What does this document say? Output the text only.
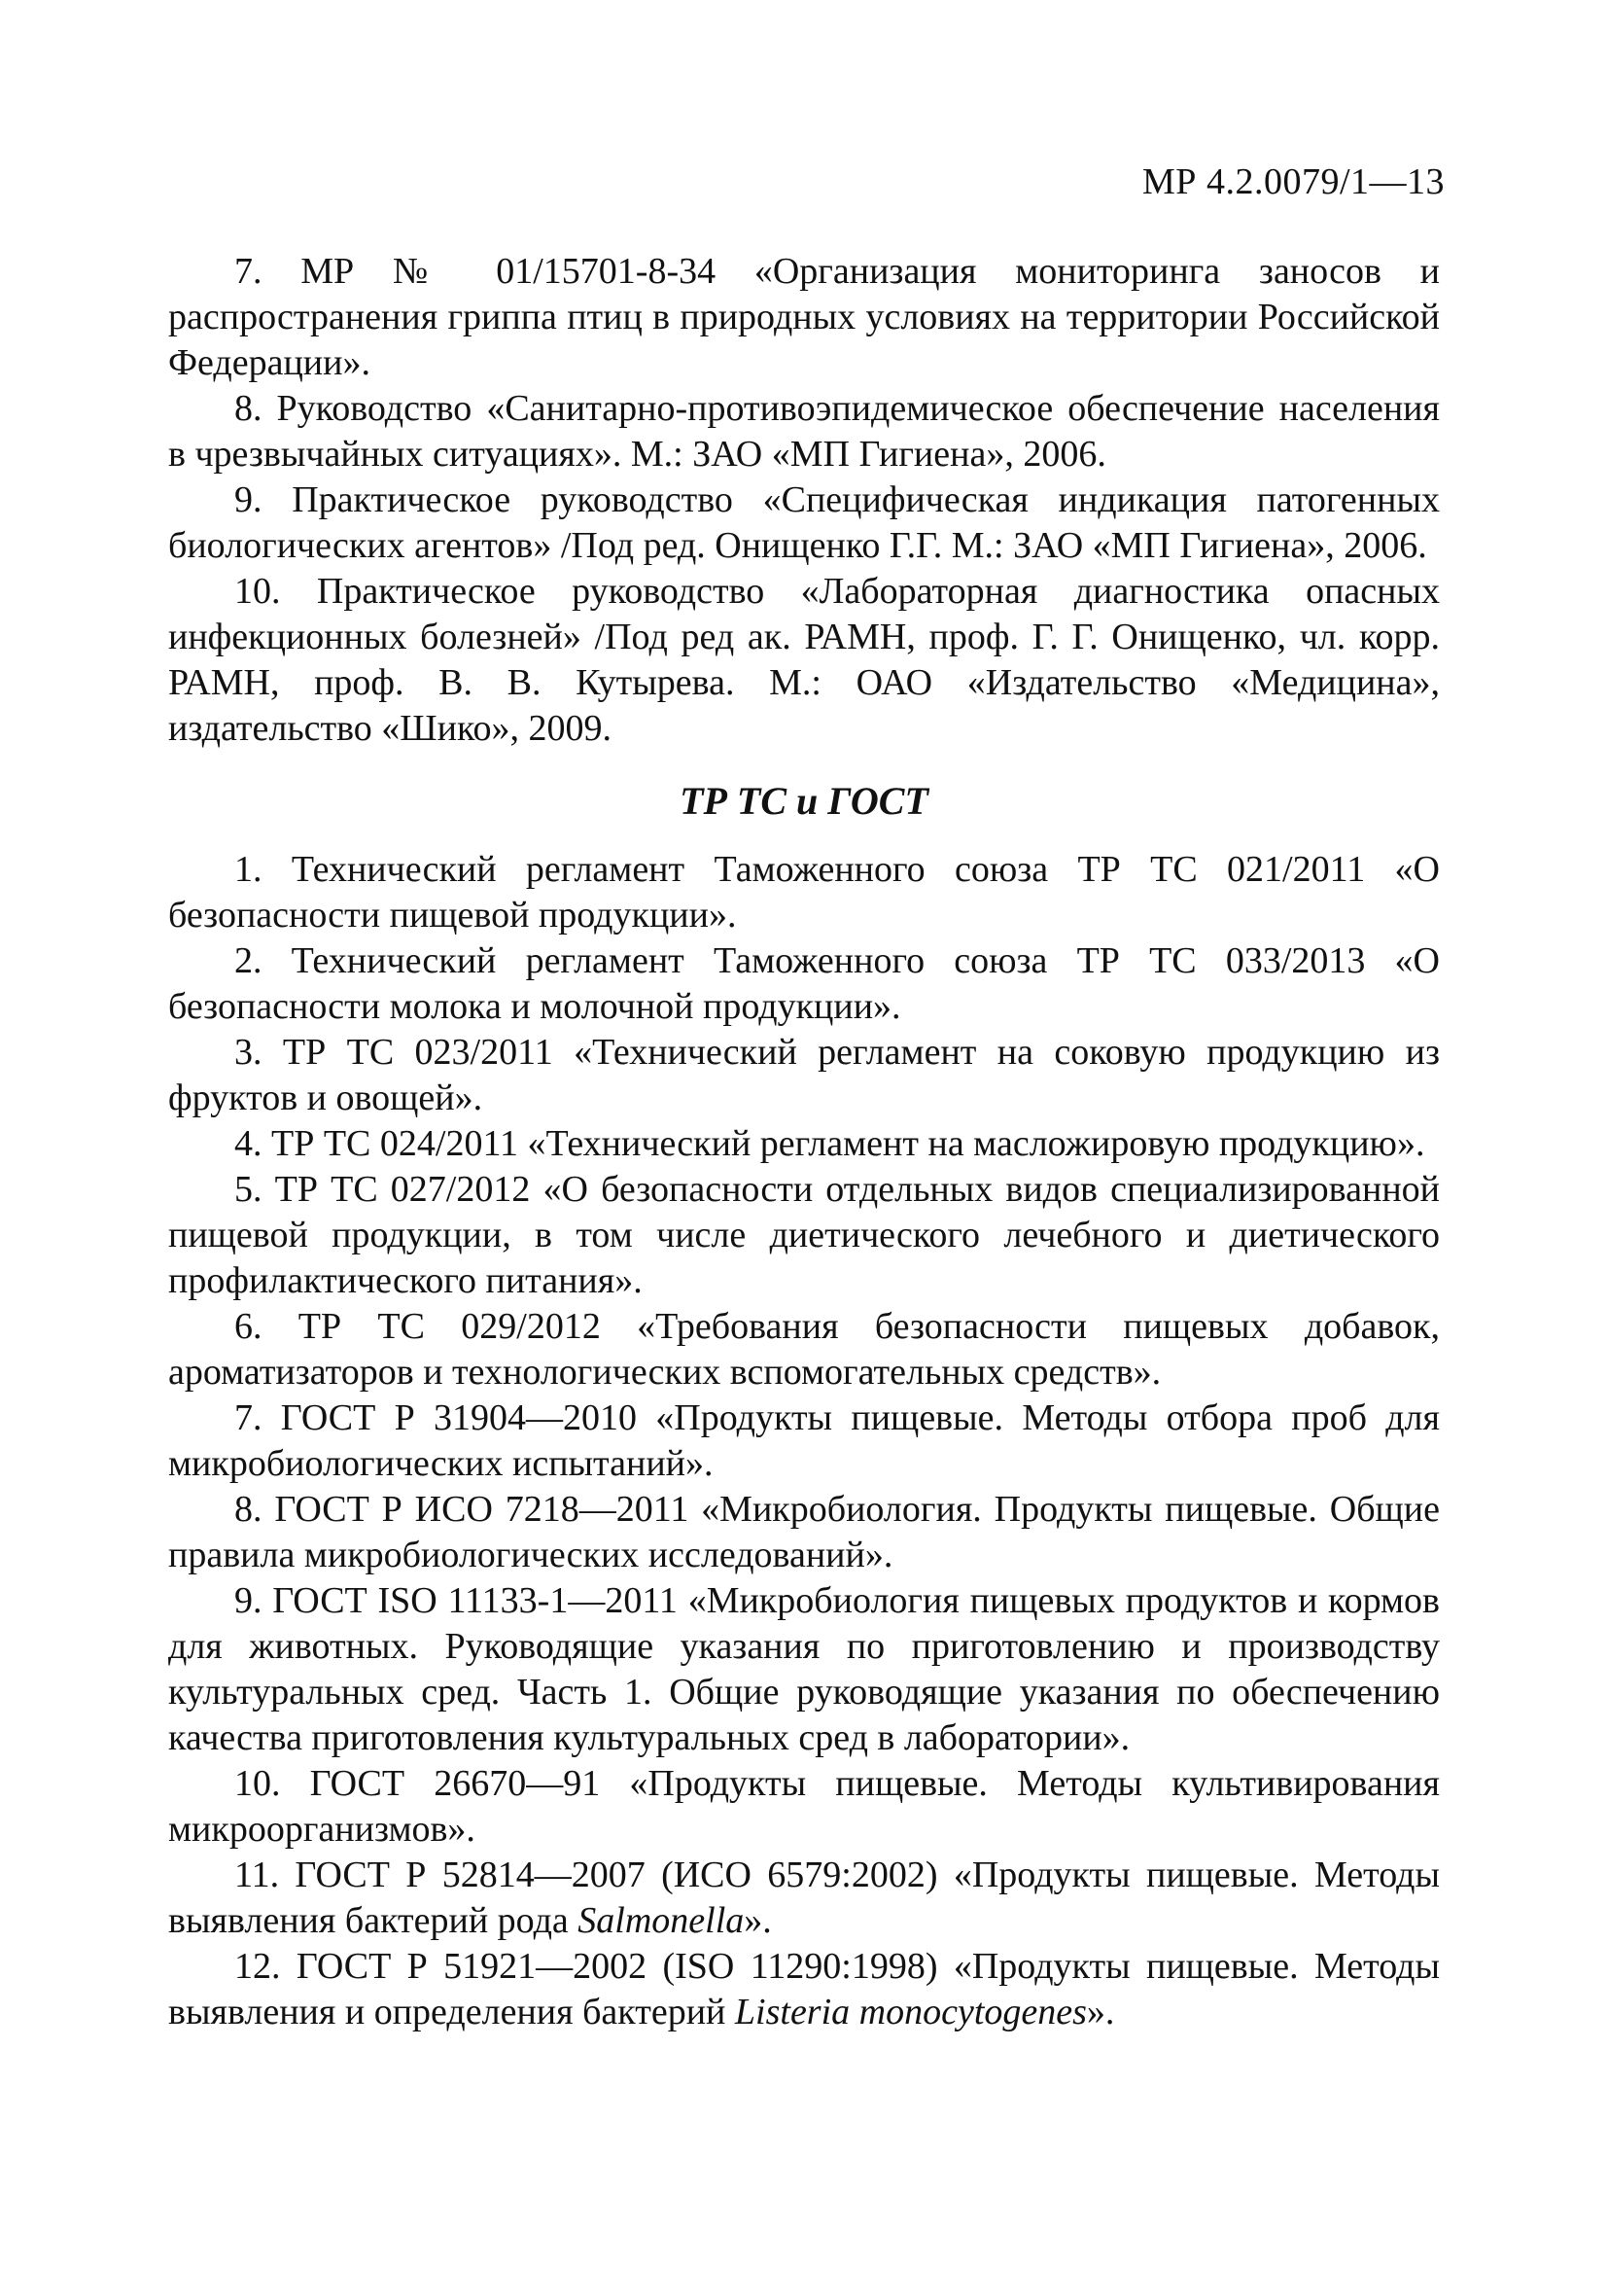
МР 4.2.0079/1—13

7. МР № 01/15701-8-34 «Организация мониторинга заносов и распространения гриппа птиц в природных условиях на территории Российской Федерации».

8. Руководство «Санитарно-противоэпидемическое обеспечение населения в чрезвычайных ситуациях». М.: ЗАО «МП Гигиена», 2006.

9. Практическое руководство «Специфическая индикация патогенных биологических агентов» /Под ред. Онищенко Г.Г. М.: ЗАО «МП Гигиена», 2006.

10. Практическое руководство «Лабораторная диагностика опасных инфекционных болезней» /Под ред ак. РАМН, проф. Г. Г. Онищенко, чл. корр. РАМН, проф. В. В. Кутырева. М.: ОАО «Издательство «Медицина», издательство «Шико», 2009.

ТР ТС и ГОСТ

1. Технический регламент Таможенного союза ТР ТС 021/2011 «О безопасности пищевой продукции».

2. Технический регламент Таможенного союза ТР ТС 033/2013 «О безопасности молока и молочной продукции».

3. ТР ТС 023/2011 «Технический регламент на соковую продукцию из фруктов и овощей».

4. ТР ТС 024/2011 «Технический регламент на масложировую продукцию».

5. ТР ТС 027/2012 «О безопасности отдельных видов специализированной пищевой продукции, в том числе диетического лечебного и диетического профилактического питания».

6. ТР ТС 029/2012 «Требования безопасности пищевых добавок, ароматизаторов и технологических вспомогательных средств».

7. ГОСТ Р 31904—2010 «Продукты пищевые. Методы отбора проб для микробиологических испытаний».

8. ГОСТ Р ИСО 7218—2011 «Микробиология. Продукты пищевые. Общие правила микробиологических исследований».

9. ГОСТ ISO 11133-1—2011 «Микробиология пищевых продуктов и кормов для животных. Руководящие указания по приготовлению и производству культуральных сред. Часть 1. Общие руководящие указания по обеспечению качества приготовления культуральных сред в лаборатории».

10. ГОСТ 26670—91 «Продукты пищевые. Методы культивирования микроорганизмов».

11. ГОСТ Р 52814—2007 (ИСО 6579:2002) «Продукты пищевые. Методы выявления бактерий рода Salmonella».

12. ГОСТ Р 51921—2002 (ISO 11290:1998) «Продукты пищевые. Методы выявления и определения бактерий Listeria monocytogenes».
